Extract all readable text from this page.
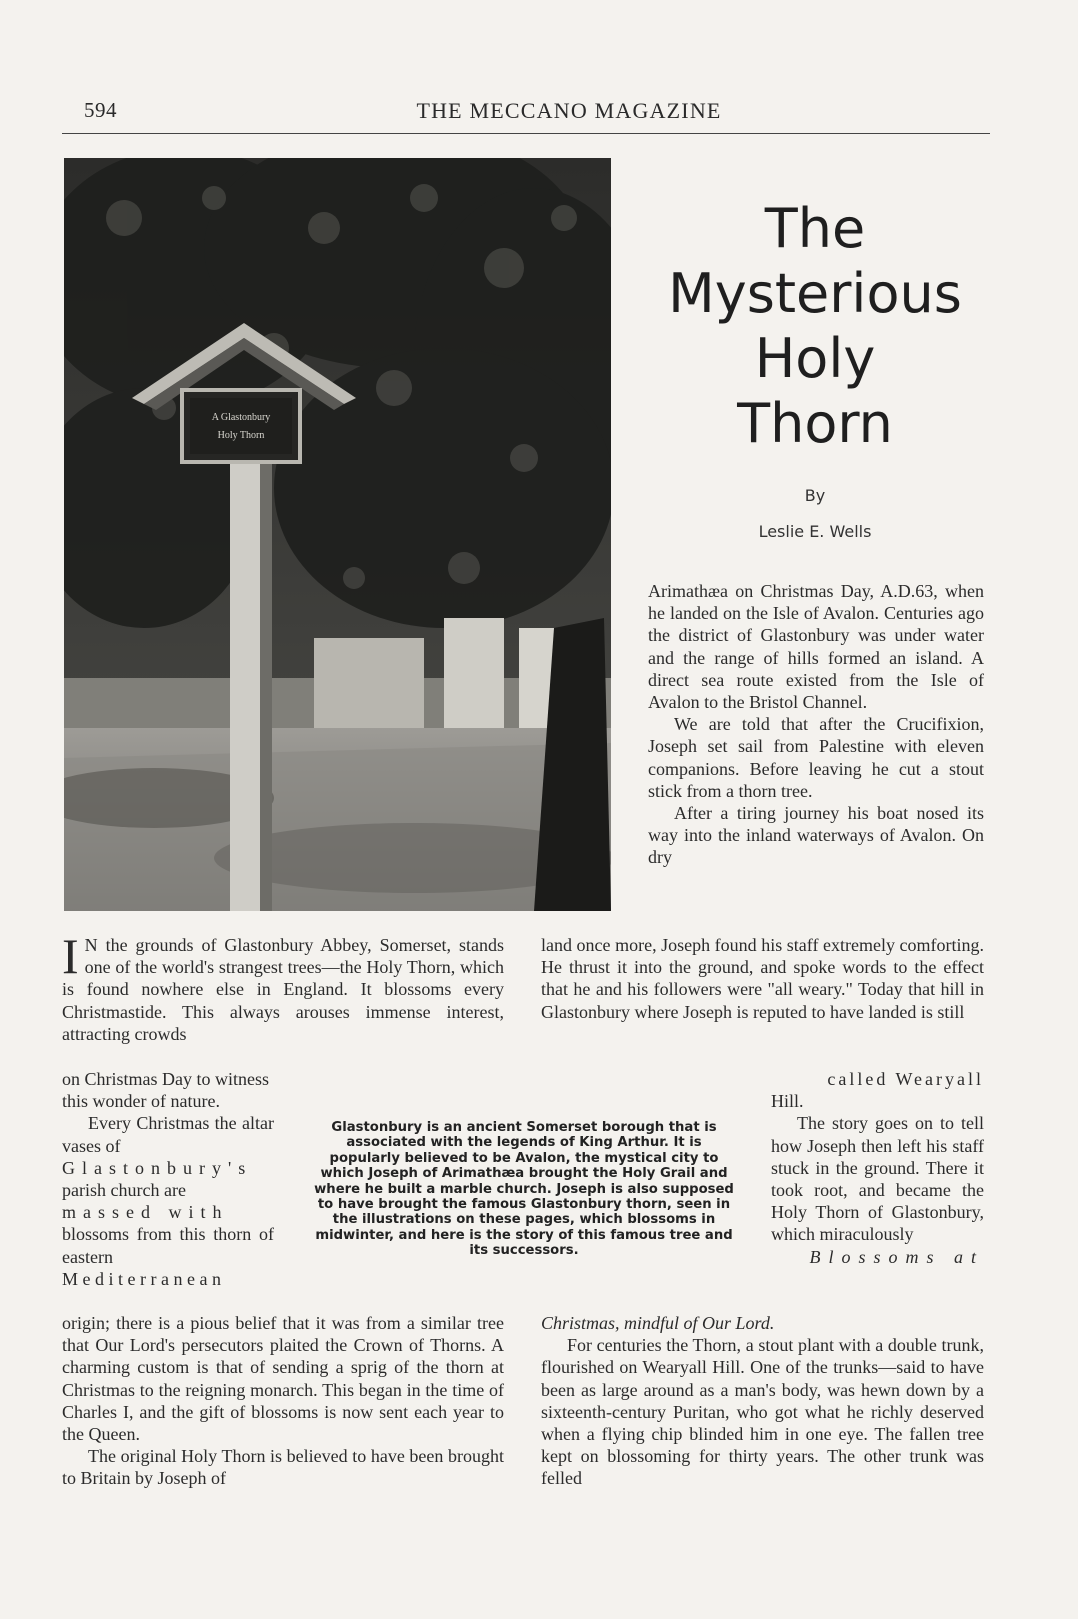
594	THE MECCANO MAGAZINE
A Glastonbury
Holy Thorn
The
Mysterious
Holy
Thorn
By
Leslie E. Wells

I N the grounds of Glastonbury Abbey, Somerset, stands one of the world's strangest trees—the Holy Thorn, which is found nowhere else in England. It blossoms every Christmastide. This always arouses immense interest, attracting crowds

on Christmas Day to witness this wonder of nature.

Every Christmas the altar vases of

Glastonbury's

parish church are

massed with

blossoms from this thorn of eastern

Mediterranean

origin; there is a pious belief that it was from a similar tree that Our Lord's persecutors plaited the Crown of Thorns. A charming custom is that of sending a sprig of the thorn at Christmas to the reigning monarch. This began in the time of Charles I, and the gift of blossoms is now sent each year to the Queen.

The original Holy Thorn is believed to have been brought to Britain by Joseph of

Glastonbury is an ancient Somerset borough that is associated with the legends of King Arthur. It is popularly believed to be Avalon, the mystical city to which Joseph of Arimathæa brought the Holy Grail and where he built a marble church. Joseph is also supposed to have brought the famous Glastonbury thorn, seen in the illustrations on these pages, which blossoms in midwinter, and here is the story of this famous tree and its successors.

Arimathæa on Christmas Day, A.D.63, when he landed on the Isle of Avalon. Centuries ago the district of Glastonbury was under water and the range of hills formed an island. A direct sea route existed from the Isle of Avalon to the Bristol Channel.

We are told that after the Crucifixion, Joseph set sail from Palestine with eleven companions. Before leaving he cut a stout stick from a thorn tree.

After a tiring journey his boat nosed its way into the inland waterways of Avalon. On dry

land once more, Joseph found his staff extremely comforting. He thrust it into the ground, and spoke words to the effect that he and his followers were "all weary." Today that hill in Glastonbury where Joseph is reputed to have landed is still

called Wearyall

Hill.

The story goes on to tell how Joseph then left his staff stuck in the ground. There it took root, and became the Holy Thorn of Glastonbury, which miraculously

Blossoms at

Christmas, mindful of Our Lord.

For centuries the Thorn, a stout plant with a double trunk, flourished on Wearyall Hill. One of the trunks—said to have been as large around as a man's body, was hewn down by a sixteenth-century Puritan, who got what he richly deserved when a flying chip blinded him in one eye. The fallen tree kept on blossoming for thirty years. The other trunk was felled
